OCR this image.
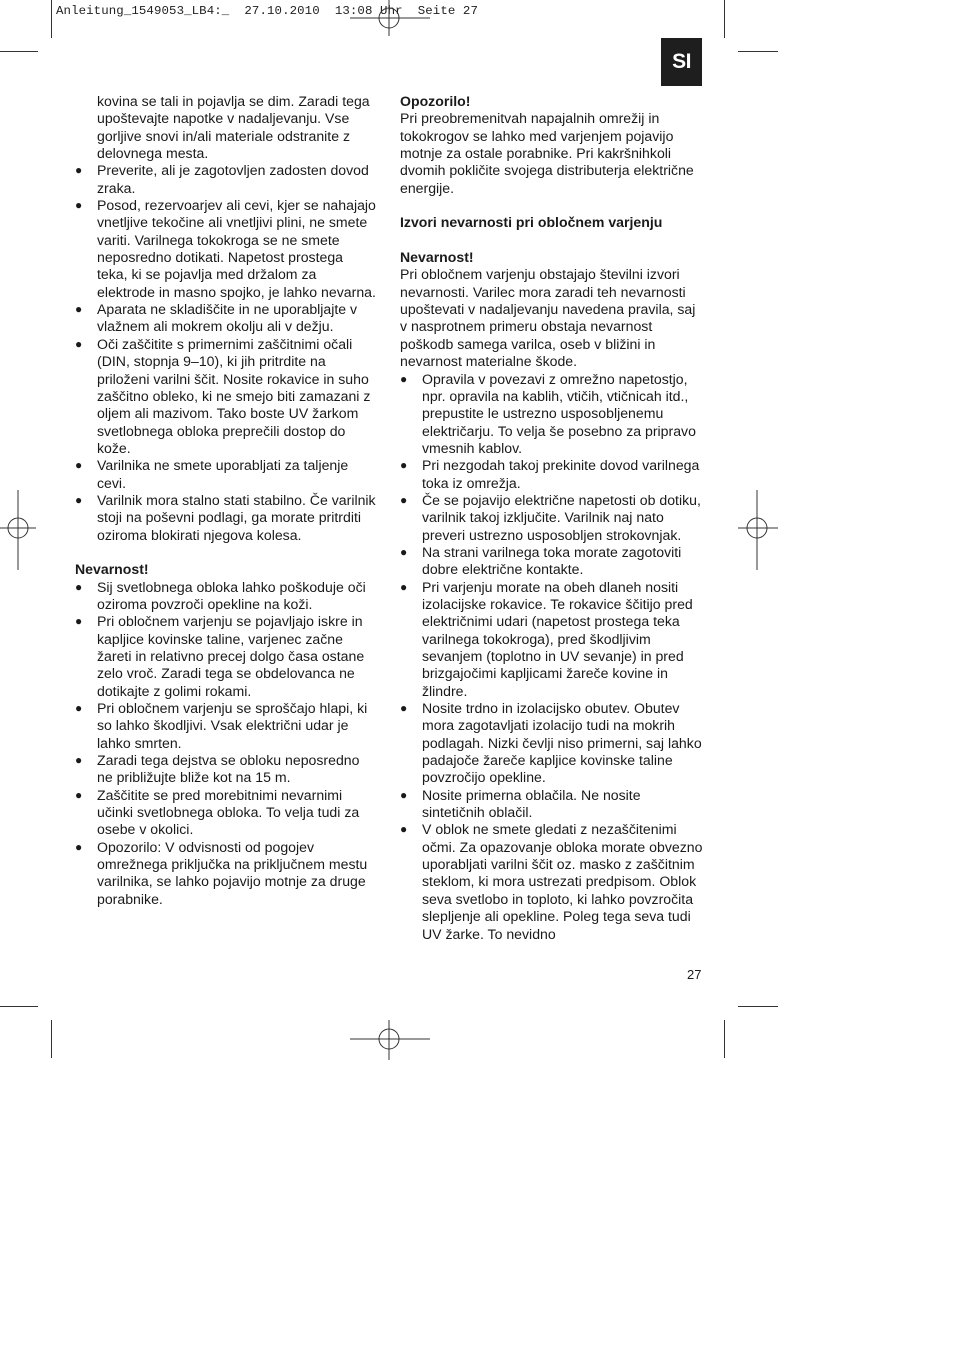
Anleitung_1549053_LB4:_  27.10.2010  13:08 Uhr  Seite 27
SI

kovina se tali in pojavlja se dim. Zaradi tega upoštevajte napotke v nadaljevanju. Vse gorljive snovi in/ali materiale odstranite z delovnega mesta.

● Preverite, ali je zagotovljen zadosten dovod zraka.
● Posod, rezervoarjev ali cevi, kjer se nahajajo vnetljive tekočine ali vnetljivi plini, ne smete variti. Varilnega tokokroga se ne smete neposredno dotikati. Napetost prostega teka, ki se pojavlja med držalom za elektrode in masno spojko, je lahko nevarna.
● Aparata ne skladiščite in ne uporabljajte v vlažnem ali mokrem okolju ali v dežju.
● Oči zaščitite s primernimi zaščitnimi očali (DIN, stopnja 9–10), ki jih pritrdite na priloženi varilni ščit. Nosite rokavice in suho zaščitno obleko, ki ne smejo biti zamazani z oljem ali mazivom. Tako boste UV žarkom svetlobnega obloka preprečili dostop do kože.
● Varilnika ne smete uporabljati za taljenje cevi.
● Varilnik mora stalno stati stabilno. Če varilnik stoji na poševni podlagi, ga morate pritrditi oziroma blokirati njegova kolesa.

Nevarnost!

● Sij svetlobnega obloka lahko poškoduje oči oziroma povzroči opekline na koži.
● Pri obločnem varjenju se pojavljajo iskre in kapljice kovinske taline, varjenec začne žareti in relativno precej dolgo časa ostane zelo vroč. Zaradi tega se obdelovanca ne dotikajte z golimi rokami.
● Pri obločnem varjenju se sproščajo hlapi, ki so lahko škodljivi. Vsak električni udar je lahko smrten.
● Zaradi tega dejstva se obloku neposredno ne približujte bliže kot na 15 m.
● Zaščitite se pred morebitnimi nevarnimi učinki svetlobnega obloka. To velja tudi za osebe v okolici.
● Opozorilo: V odvisnosti od pogojev omrežnega priključka na priključnem mestu varilnika, se lahko pojavijo motnje za druge porabnike.

Opozorilo!

Pri preobremenitvah napajalnih omrežij in tokokrogov se lahko med varjenjem pojavijo motnje za ostale porabnike. Pri kakršnihkoli dvomih pokličite svojega distributerja električne energije.

Izvori nevarnosti pri obločnem varjenju

Nevarnost!

Pri obločnem varjenju obstajajo številni izvori nevarnosti. Varilec mora zaradi teh nevarnosti upoštevati v nadaljevanju navedena pravila, saj v nasprotnem primeru obstaja nevarnost poškodb samega varilca, oseb v bližini in nevarnost materialne škode.

● Opravila v povezavi z omrežno napetostjo, npr. opravila na kablih, vtičih, vtičnicah itd., prepustite le ustrezno usposobljenemu električarju. To velja še posebno za pripravo vmesnih kablov.
● Pri nezgodah takoj prekinite dovod varilnega toka iz omrežja.
● Če se pojavijo električne napetosti ob dotiku, varilnik takoj izključite. Varilnik naj nato preveri ustrezno usposobljen strokovnjak.
● Na strani varilnega toka morate zagotoviti dobre električne kontakte.
● Pri varjenju morate na obeh dlaneh nositi izolacijske rokavice. Te rokavice ščitijo pred električnimi udari (napetost prostega teka varilnega tokokroga), pred škodljivim sevanjem (toplotno in UV sevanje) in pred brizgajočimi kapljicami žareče kovine in žlindre.
● Nosite trdno in izolacijsko obutev. Obutev mora zagotavljati izolacijo tudi na mokrih podlagah. Nizki čevlji niso primerni, saj lahko padajoče žareče kapljice kovinske taline povzročijo opekline.
● Nosite primerna oblačila. Ne nosite sintetičnih oblačil.
● V oblok ne smete gledati z nezaščitenimi očmi. Za opazovanje obloka morate obvezno uporabljati varilni ščit oz. masko z zaščitnim steklom, ki mora ustrezati predpisom. Oblok seva svetlobo in toploto, ki lahko povzročita slepljenje ali opekline. Poleg tega seva tudi UV žarke. To nevidno
27
